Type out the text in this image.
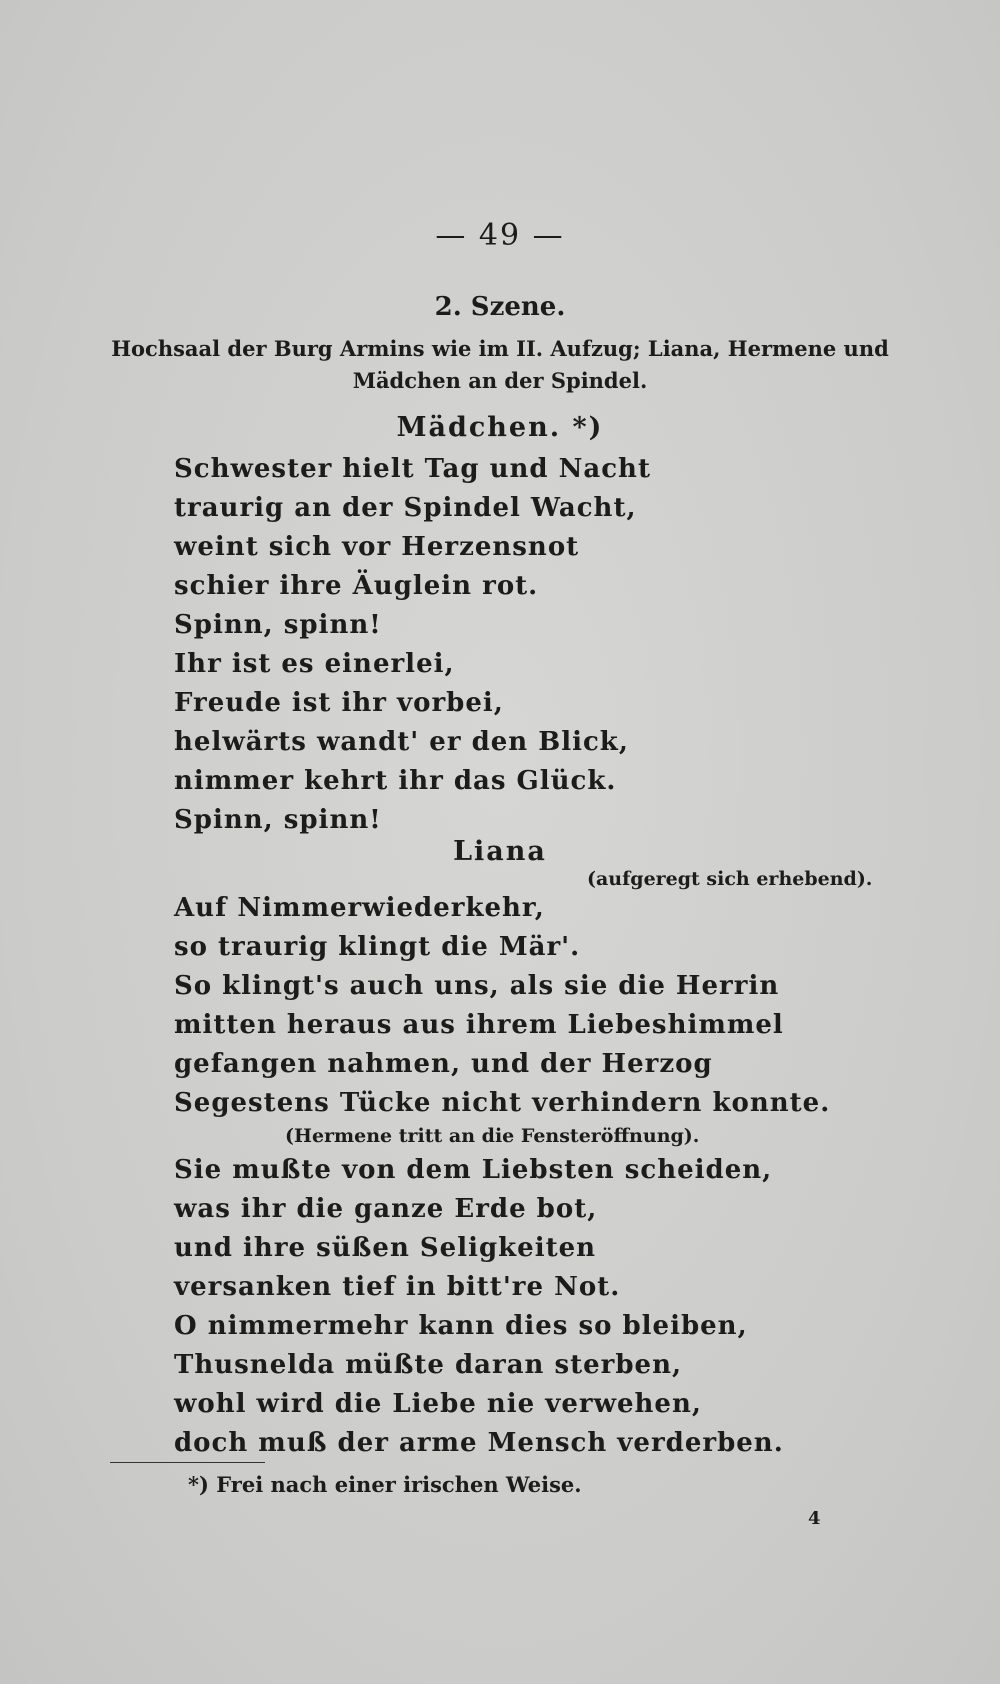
— 49 —
2. Szene.
Hochsaal der Burg Armins wie im II. Aufzug; Liana, Hermene und
Mädchen an der Spindel.
Mädchen. *)
Schwester hielt Tag und Nacht
traurig an der Spindel Wacht,
weint sich vor Herzensnot
schier ihre Äuglein rot.
Spinn, spinn!
Ihr ist es einerlei,
Freude ist ihr vorbei,
helwärts wandt' er den Blick,
nimmer kehrt ihr das Glück.
Spinn, spinn!
Liana
(aufgeregt sich erhebend).
Auf Nimmerwiederkehr,
so traurig klingt die Mär'.
So klingt's auch uns, als sie die Herrin
mitten heraus aus ihrem Liebeshimmel
gefangen nahmen, und der Herzog
Segestens Tücke nicht verhindern konnte.
(Hermene tritt an die Fensteröffnung).
Sie mußte von dem Liebsten scheiden,
was ihr die ganze Erde bot,
und ihre süßen Seligkeiten
versanken tief in bitt're Not.
O nimmermehr kann dies so bleiben,
Thusnelda müßte daran sterben,
wohl wird die Liebe nie verwehen,
doch muß der arme Mensch verderben.
*) Frei nach einer irischen Weise.
4
